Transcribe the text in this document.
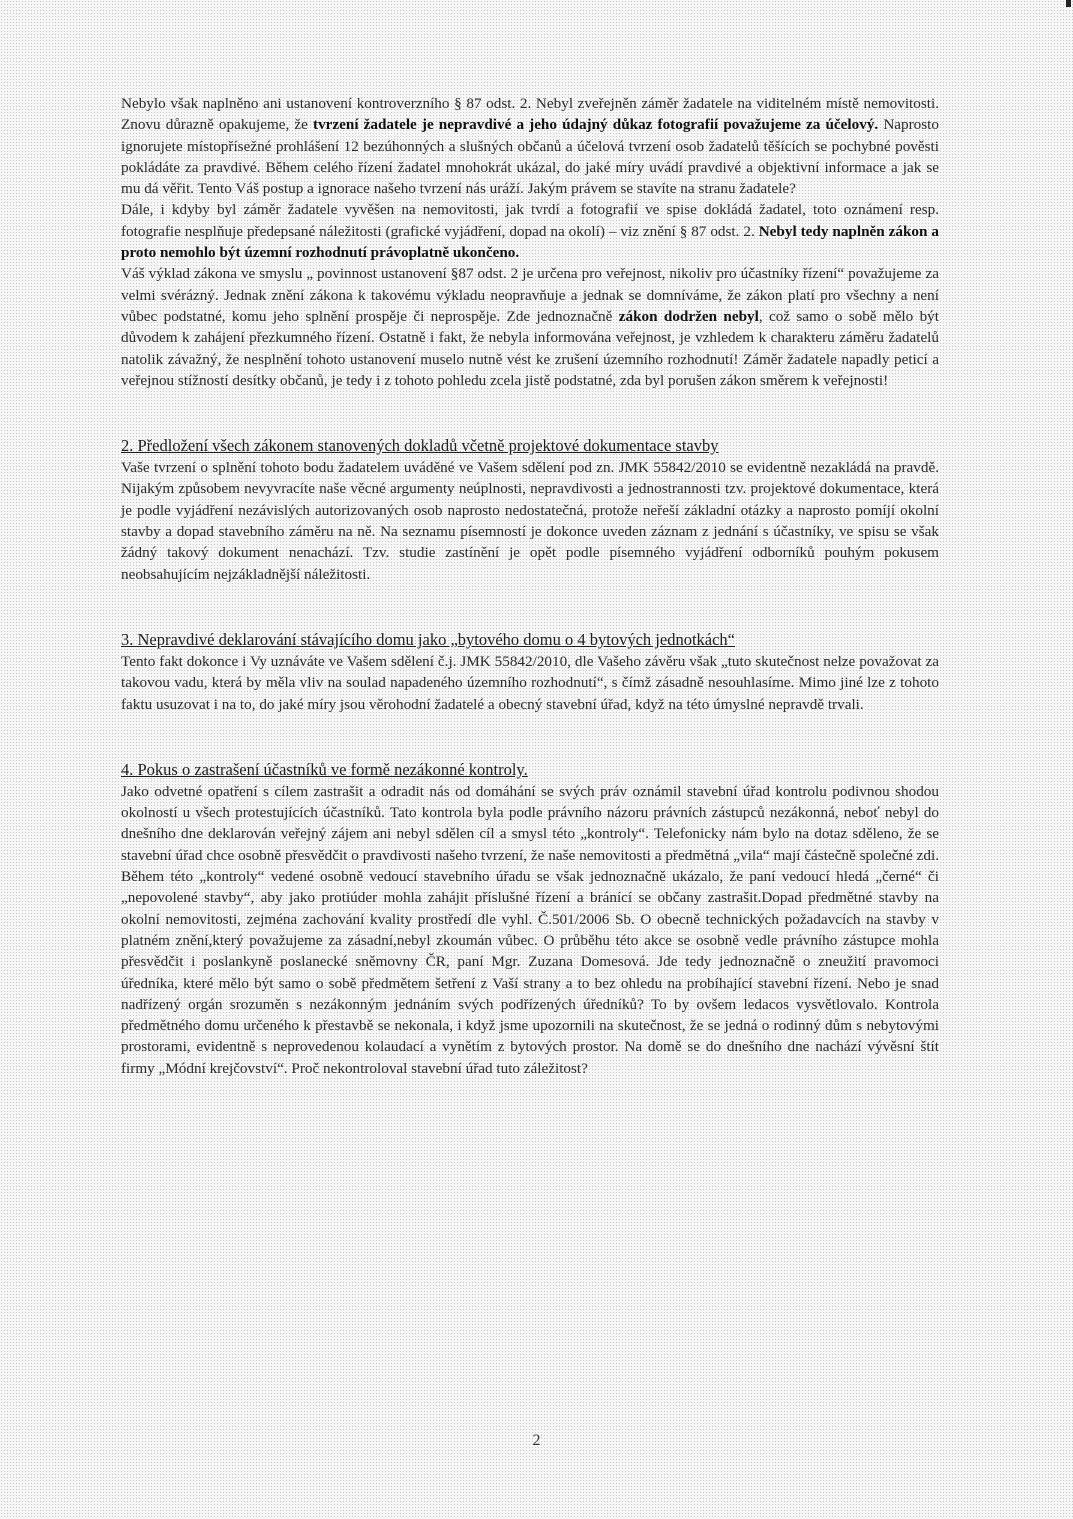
Nebylo však naplněno ani ustanovení kontroverzního § 87 odst. 2. Nebyl zveřejněn záměr žadatele na viditelném místě nemovitosti. Znovu důrazně opakujeme, že tvrzení žadatele je nepravdivé a jeho údajný důkaz fotografií považujeme za účelový. Naprosto ignorujete místopřísežné prohlášení 12 bezúhonných a slušných občanů a účelová tvrzení osob žadatelů těšících se pochybné pověsti pokládáte za pravdivé. Během celého řízení žadatel mnohokrát ukázal, do jaké míry uvádí pravdivé a objektivní informace a jak se mu dá věřit. Tento Váš postup a ignorace našeho tvrzení nás uráží. Jakým právem se stavíte na stranu žadatele?

Dále, i kdyby byl záměr žadatele vyvěšen na nemovitosti, jak tvrdí a fotografií ve spise dokládá žadatel, toto oznámení resp. fotografie nesplňuje předepsané náležitosti (grafické vyjádření, dopad na okolí) – viz znění § 87 odst. 2. Nebyl tedy naplněn zákon a proto nemohlo být územní rozhodnutí právoplatně ukončeno.

Váš výklad zákona ve smyslu „ povinnost ustanovení §87 odst. 2 je určena pro veřejnost, nikoliv pro účastníky řízení“ považujeme za velmi svérázný. Jednak znění zákona k takovému výkladu neopravňuje a jednak se domníváme, že zákon platí pro všechny a není vůbec podstatné, komu jeho splnění prospěje či neprospěje. Zde jednoznačně zákon dodržen nebyl, což samo o sobě mělo být důvodem k zahájení přezkumného řízení. Ostatně i fakt, že nebyla informována veřejnost, je vzhledem k charakteru záměru žadatelů natolik závažný, že nesplnění tohoto ustanovení muselo nutně vést ke zrušení územního rozhodnutí! Záměr žadatele napadly peticí a veřejnou stížností desítky občanů, je tedy i z tohoto pohledu zcela jistě podstatné, zda byl porušen zákon směrem k veřejnosti!

2. Předložení všech zákonem stanovených dokladů včetně projektové dokumentace stavby

Vaše tvrzení o splnění tohoto bodu žadatelem uváděné ve Vašem sdělení pod zn. JMK 55842/2010 se evidentně nezakládá na pravdě. Nijakým způsobem nevyvracíte naše věcné argumenty neúplnosti, nepravdivosti a jednostrannosti tzv. projektové dokumentace, která je podle vyjádření nezávislých autorizovaných osob naprosto nedostatečná, protože neřeší základní otázky a naprosto pomíjí okolní stavby a dopad stavebního záměru na ně. Na seznamu písemností je dokonce uveden záznam z jednání s účastníky, ve spisu se však žádný takový dokument nenachází. Tzv. studie zastínění je opět podle písemného vyjádření odborníků pouhým pokusem neobsahujícím nejzákladnější náležitosti.

3. Nepravdivé deklarování stávajícího domu jako „bytového domu o 4 bytových jednotkách“

Tento fakt dokonce i Vy uznáváte ve Vašem sdělení č.j. JMK 55842/2010, dle Vašeho závěru však „tuto skutečnost nelze považovat za takovou vadu, která by měla vliv na soulad napadeného územního rozhodnutí“, s čímž zásadně nesouhlasíme. Mimo jiné lze z tohoto faktu usuzovat i na to, do jaké míry jsou věrohodní žadatelé a obecný stavební úřad, když na této úmyslné nepravdě trvali.

4. Pokus o zastrašení účastníků ve formě nezákonné kontroly.

Jako odvetné opatření s cílem zastrašit a odradit nás od domáhání se svých práv oznámil stavební úřad kontrolu podivnou shodou okolností u všech protestujících účastníků. Tato kontrola byla podle právního názoru právních zástupců nezákonná, neboť nebyl do dnešního dne deklarován veřejný zájem ani nebyl sdělen cíl a smysl této „kontroly“. Telefonicky nám bylo na dotaz sděleno, že se stavební úřad chce osobně přesvědčit o pravdivosti našeho tvrzení, že naše nemovitosti a předmětná „vila“ mají částečně společné zdi. Během této „kontroly“ vedené osobně vedoucí stavebního úřadu se však jednoznačně ukázalo, že paní vedoucí hledá „černé“ či „nepovolené stavby“, aby jako protiúder mohla zahájit příslušné řízení a bránící se občany zastrašit.Dopad předmětné stavby na okolní nemovitosti, zejména zachování kvality prostředí dle vyhl. Č.501/2006 Sb. O obecně technických požadavcích na stavby v platném znění,který považujeme za zásadní,nebyl zkoumán vůbec. O průběhu této akce se osobně vedle právního zástupce mohla přesvědčit i poslankyně poslanecké sněmovny ČR, paní Mgr. Zuzana Domesová. Jde tedy jednoznačně o zneužití pravomoci úředníka, které mělo být samo o sobě předmětem šetření z Vaší strany a to bez ohledu na probíhající stavební řízení. Nebo je snad nadřízený orgán srozuměn s nezákonným jednáním svých podřízených úředníků? To by ovšem ledacos vysvětlovalo. Kontrola předmětného domu určeného k přestavbě se nekonala, i když jsme upozornili na skutečnost, že se jedná o rodinný dům s nebytovými prostorami, evidentně s neprovedenou kolaudací a vynětím z bytových prostor. Na domě se do dnešního dne nachází vývěsní štít firmy „Módní krejčovství“. Proč nekontroloval stavební úřad tuto záležitost?

2
